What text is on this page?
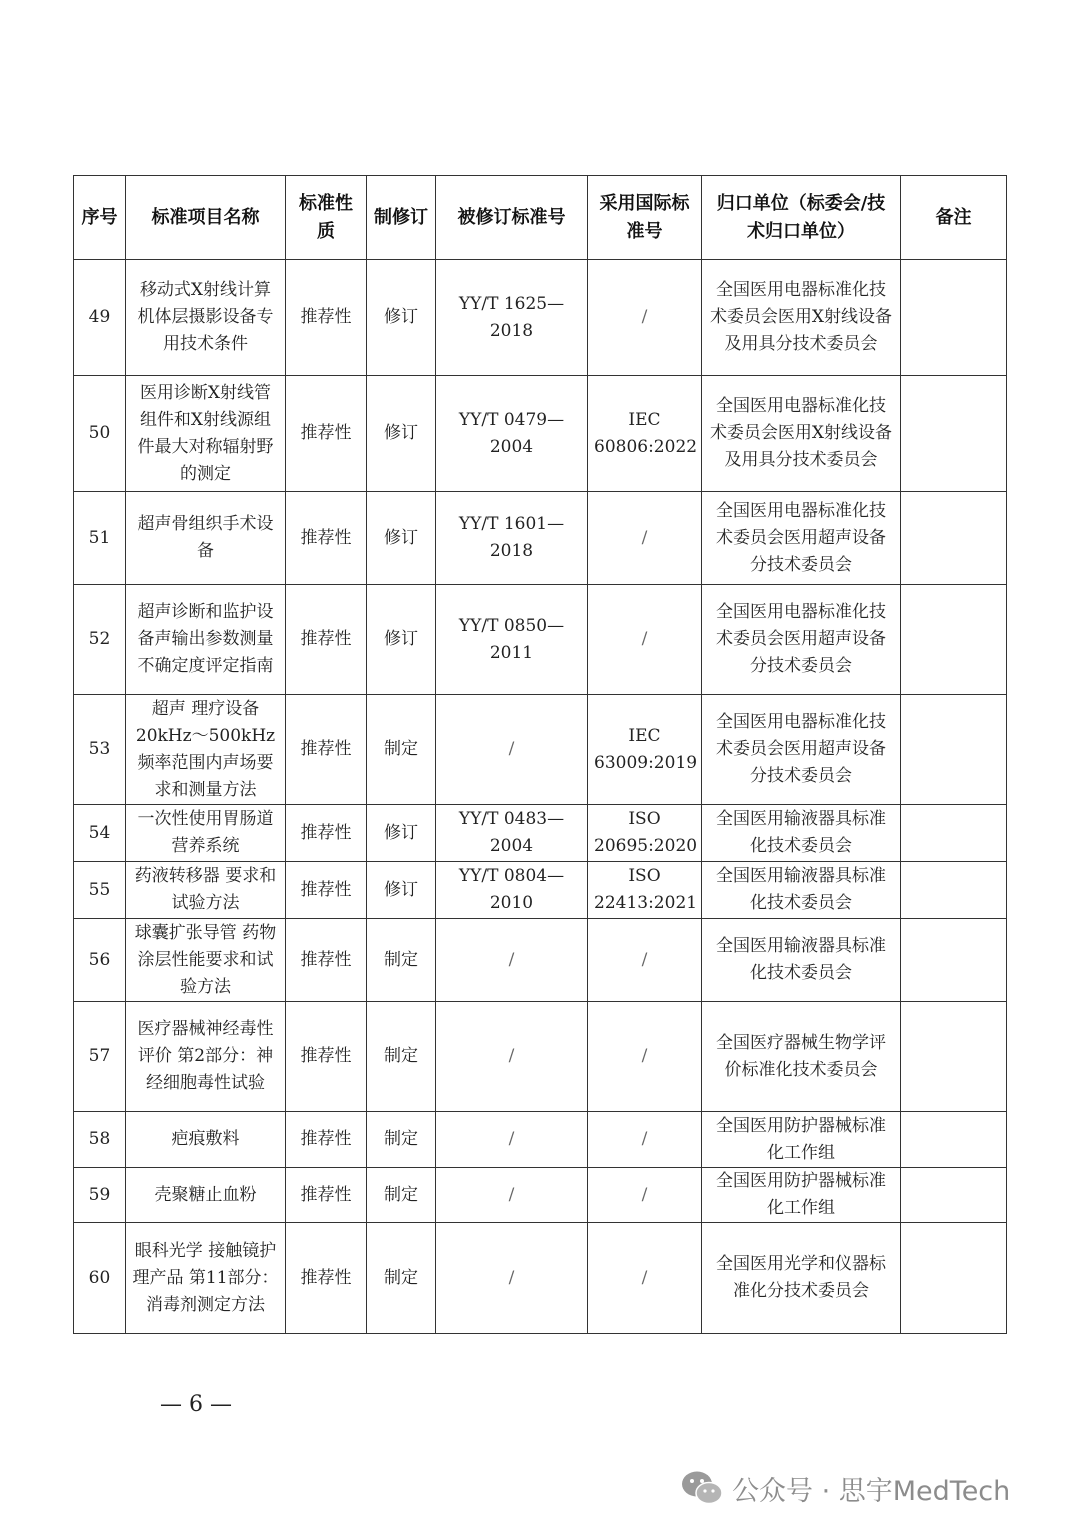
序号	标准项目名称	标准性质	制修订	被修订标准号	采用国际标准号	归口单位（标委会/技术归口单位）	备注
49	移动式X射线计算机体层摄影设备专用技术条件	推荐性	修订	YY/T 1625—2018	/	全国医用电器标准化技术委员会医用X射线设备及用具分技术委员会	
50	医用诊断X射线管组件和X射线源组件最大对称辐射野的测定	推荐性	修订	YY/T 0479—2004	IEC 60806:2022	全国医用电器标准化技术委员会医用X射线设备及用具分技术委员会	
51	超声骨组织手术设备	推荐性	修订	YY/T 1601—2018	/	全国医用电器标准化技术委员会医用超声设备分技术委员会	
52	超声诊断和监护设备声输出参数测量不确定度评定指南	推荐性	修订	YY/T 0850—2011	/	全国医用电器标准化技术委员会医用超声设备分技术委员会	
53	超声 理疗设备 20kHz～500kHz 频率范围内声场要求和测量方法	推荐性	制定	/	IEC 63009:2019	全国医用电器标准化技术委员会医用超声设备分技术委员会	
54	一次性使用胃肠道营养系统	推荐性	修订	YY/T 0483—2004	ISO 20695:2020	全国医用输液器具标准化技术委员会	
55	药液转移器 要求和试验方法	推荐性	修订	YY/T 0804—2010	ISO 22413:2021	全国医用输液器具标准化技术委员会	
56	球囊扩张导管 药物涂层性能要求和试验方法	推荐性	制定	/	/	全国医用输液器具标准化技术委员会	
57	医疗器械神经毒性评价 第2部分：神经细胞毒性试验	推荐性	制定	/	/	全国医疗器械生物学评价标准化技术委员会	
58	疤痕敷料	推荐性	制定	/	/	全国医用防护器械标准化工作组	
59	壳聚糖止血粉	推荐性	制定	/	/	全国医用防护器械标准化工作组	
60	眼科光学 接触镜护理产品 第11部分：消毒剂测定方法	推荐性	制定	/	/	全国医用光学和仪器标准化分技术委员会	
— 6 —
公众号 · 思宇MedTech
